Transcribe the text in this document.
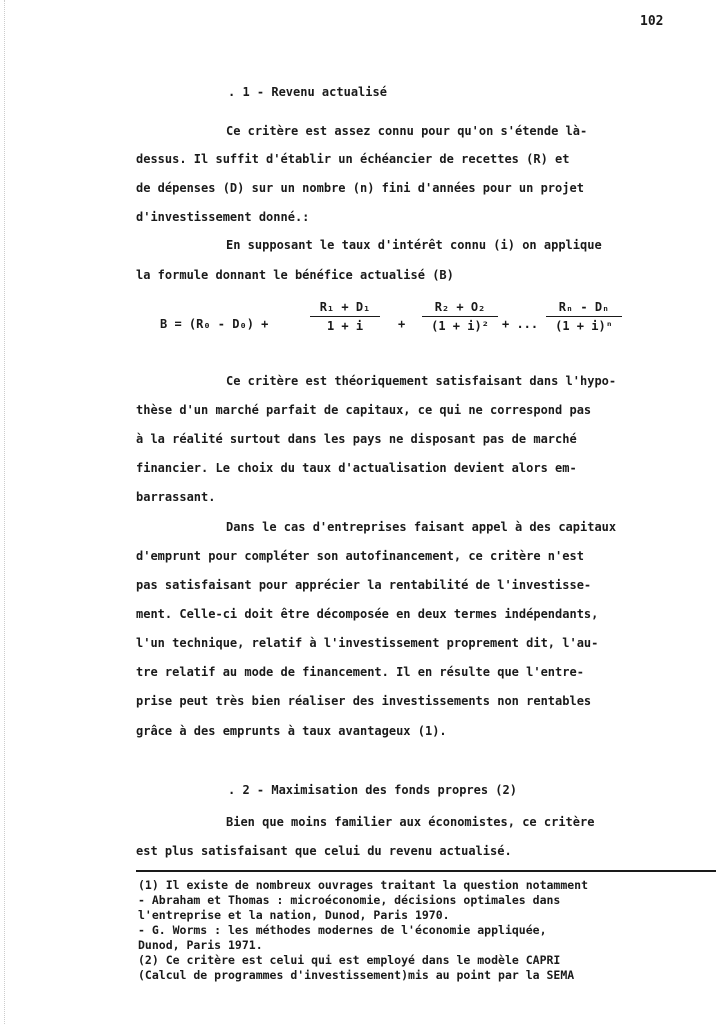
102
. 1 - Revenu actualisé
Ce critère est assez connu pour qu'on s'étende là-
dessus. Il suffit d'établir un échéancier de recettes (R) et
de dépenses (D) sur un nombre (n) fini d'années pour un projet
d'investissement donné.:
En supposant le taux d'intérêt connu (i) on applique
la formule donnant le bénéfice actualisé (B)
B = (R₀ - D₀) +
R₁ + D₁
1 + i	+
R₂ + O₂
(1 + i)²	+ ...
Rₙ - Dₙ
(1 + i)ⁿ
Ce critère est théoriquement satisfaisant dans l'hypo-
thèse d'un marché parfait de capitaux, ce qui ne correspond pas
à la réalité surtout dans les pays ne disposant pas de marché
financier. Le choix du taux d'actualisation devient alors em-
barrassant.
Dans le cas d'entreprises faisant appel à des capitaux
d'emprunt pour compléter son autofinancement, ce critère n'est
pas satisfaisant pour apprécier la rentabilité de l'investisse-
ment. Celle-ci doit être décomposée en deux termes indépendants,
l'un technique, relatif à l'investissement proprement dit, l'au-
tre relatif au mode de financement. Il en résulte que l'entre-
prise peut très bien réaliser des investissements non rentables
grâce à des emprunts à taux avantageux (1).
. 2 - Maximisation des fonds propres (2)
Bien que moins familier aux économistes, ce critère
est plus satisfaisant que celui du revenu actualisé.
(1) Il existe de nombreux ouvrages traitant la question notamment
- Abraham et Thomas : microéconomie, décisions optimales dans
l'entreprise et la nation, Dunod, Paris 1970.
- G. Worms : les méthodes modernes de l'économie appliquée,
Dunod, Paris 1971.
(2) Ce critère est celui qui est employé dans le modèle CAPRI
(Calcul de programmes d'investissement)mis au point par la SEMA
